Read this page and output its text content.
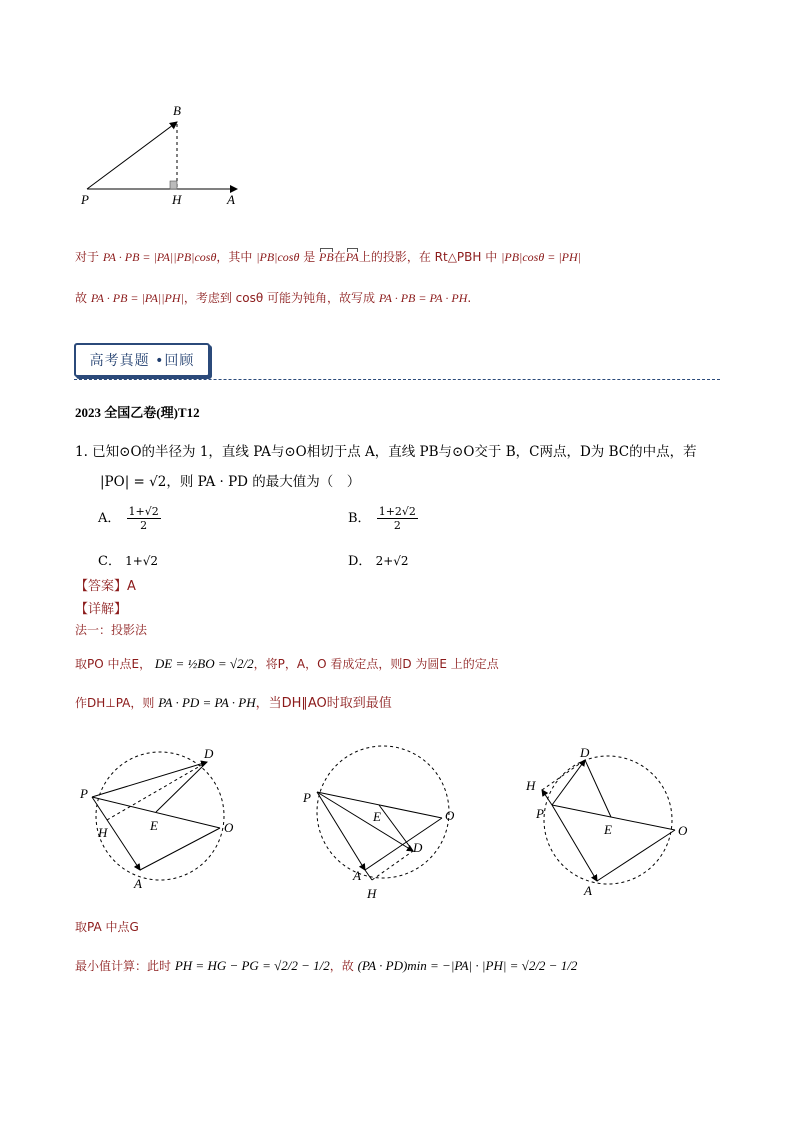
B
P	H	A
对于 PA · PB = |PA||PB|cosθ，其中 |PB|cosθ 是 PB在PA上的投影，在 Rt△PBH 中 |PB|cosθ = |PH|
故 PA · PB = |PA||PH|，考虑到 cosθ 可能为钝角，故写成 PA · PB = PA · PH.
高考真题 •回顾
2023 全国乙卷(理)T12
1. 已知⊙O的半径为 1，直线 PA与⊙O相切于点 A，直线 PB与⊙O交于 B，C两点，D为 BC的中点，若
|PO| = √2，则 PA · PD 的最大值为（　）
A． $\frac{1+√2}{2}$	B． $\frac{1+2√2}{2}$
C． 1+√2	D． 2+√2
【答案】A
【详解】
法一：投影法
取PO 中点E， DE = ½BO = √2/2，将P，A，O 看成定点，则D 为圆E 上的定点
作DH⊥PA，则 PA · PD = PA · PH，当DH∥AO时取到最值
D
P
E	O
H
A
P
E	O
D
A
H
D
H
P
E	O
A
取PA 中点G
最小值计算：此时 PH = HG − PG = √2/2 − 1/2，故 (PA · PD)min = −|PA| · |PH| = √2/2 − 1/2
